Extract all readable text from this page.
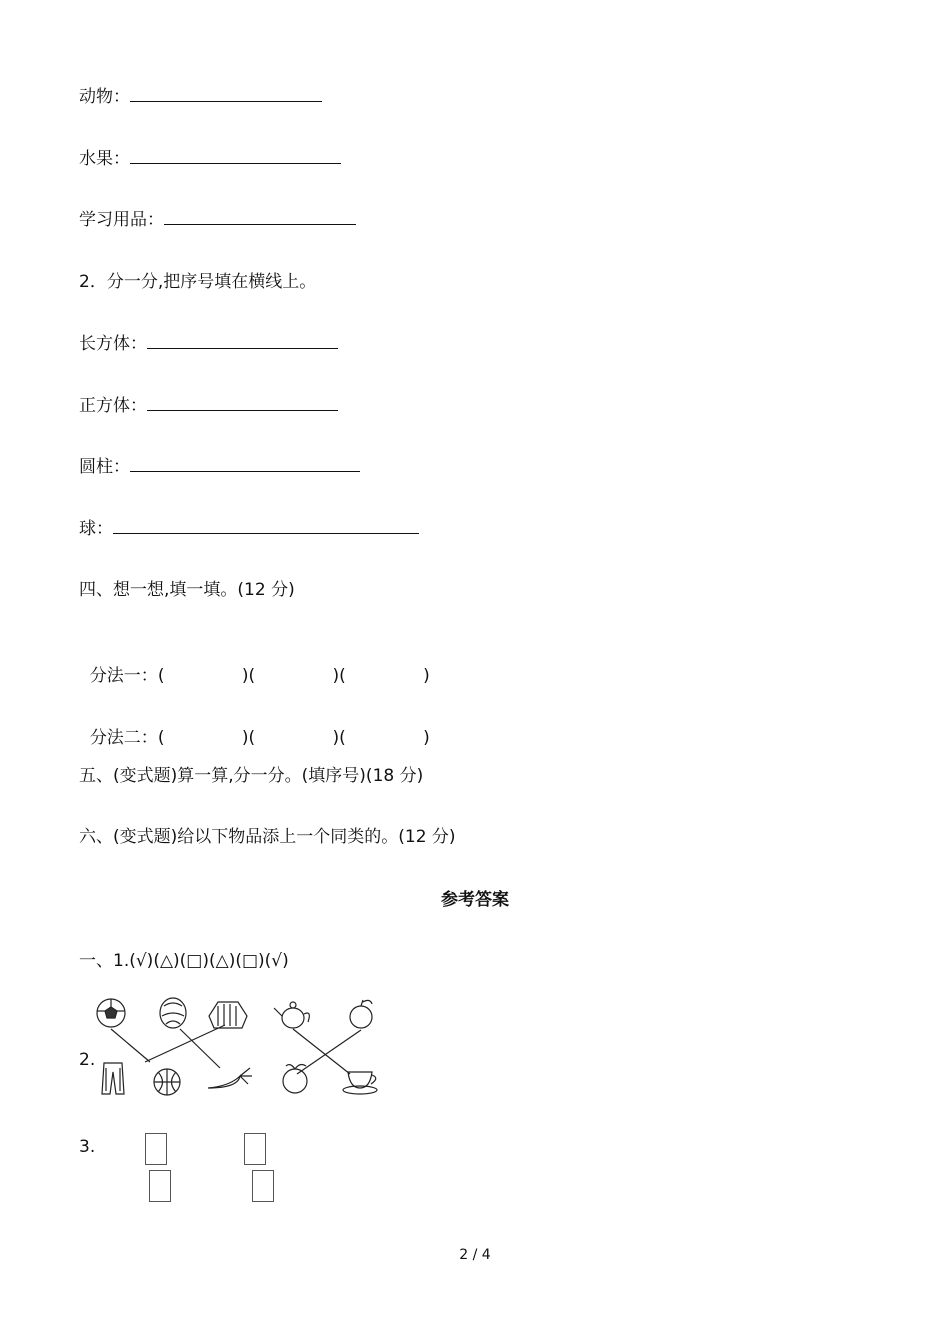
动物：
水果：
学习用品：
2．分一分,把序号填在横线上。
长方体：
正方体：
圆柱：
球：
四、想一想,填一填。(12 分)

分法一：(	)(	)(	)

分法二：(	)(	)(	)

五、(变式题)算一算,分一分。(填序号)(18 分)
六、(变式题)给以下物品添上一个同类的。(12 分)
参考答案
一、1.(√)(△)(□)(△)(□)(√)
2.
3.
2 / 4
